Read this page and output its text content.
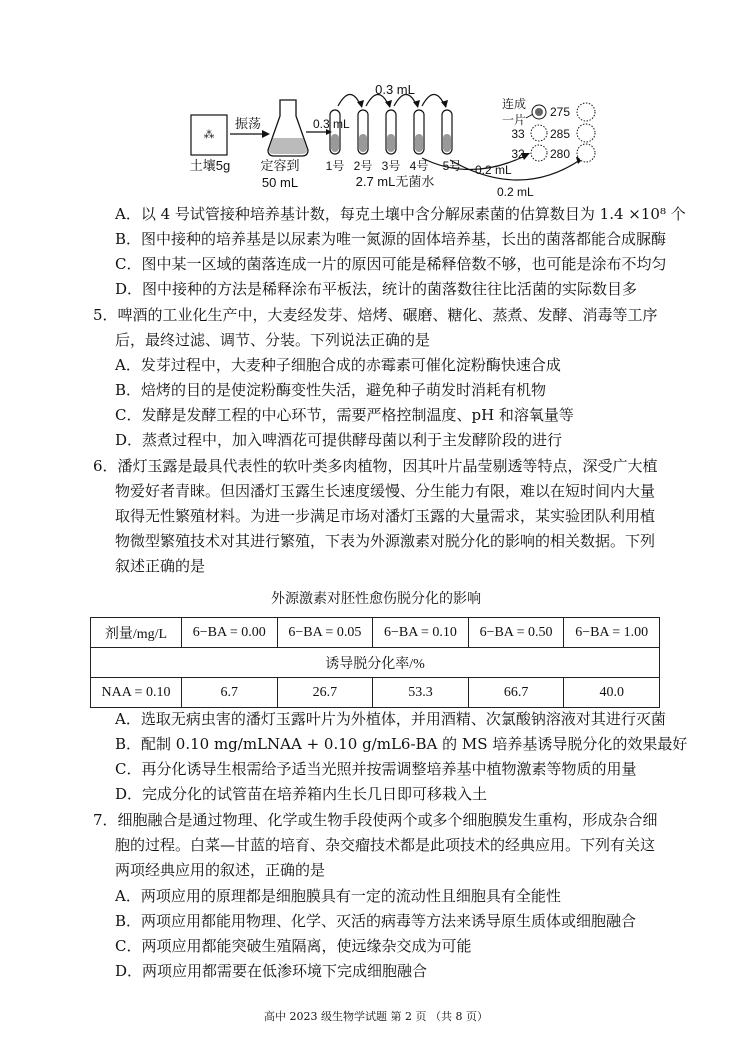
⁂
土壤5g
振荡
定容到
50 mL
0.3 mL
0.3 mL
1号 2号 3号 4号 5号
2.7 mL无菌水
0.2 mL
0.2 mL
连成
一片
33
32
275
285
280
A．以 4 号试管接种培养基计数，每克土壤中含分解尿素菌的估算数目为 1.4 ×10⁸ 个
B．图中接种的培养基是以尿素为唯一氮源的固体培养基，长出的菌落都能合成脲酶
C．图中某一区域的菌落连成一片的原因可能是稀释倍数不够，也可能是涂布不均匀
D．图中接种的方法是稀释涂布平板法，统计的菌落数往往比活菌的实际数目多
5．啤酒的工业化生产中，大麦经发芽、焙烤、碾磨、糖化、蒸煮、发酵、消毒等工序
后，最终过滤、调节、分装。下列说法正确的是
A．发芽过程中，大麦种子细胞合成的赤霉素可催化淀粉酶快速合成
B．焙烤的目的是使淀粉酶变性失活，避免种子萌发时消耗有机物
C．发酵是发酵工程的中心环节，需要严格控制温度、pH 和溶氧量等
D．蒸煮过程中，加入啤酒花可提供酵母菌以利于主发酵阶段的进行
6．潘灯玉露是最具代表性的软叶类多肉植物，因其叶片晶莹剔透等特点，深受广大植
物爱好者青睐。但因潘灯玉露生长速度缓慢、分生能力有限，难以在短时间内大量
取得无性繁殖材料。为进一步满足市场对潘灯玉露的大量需求，某实验团队利用植
物微型繁殖技术对其进行繁殖，下表为外源激素对脱分化的影响的相关数据。下列
叙述正确的是
外源激素对胚性愈伤脱分化的影响
剂量/mg/L	6−BA = 0.00	6−BA = 0.05	6−BA = 0.10	6−BA = 0.50	6−BA = 1.00
诱导脱分化率/%					
NAA = 0.10	6.7	26.7	53.3	66.7	40.0
A．选取无病虫害的潘灯玉露叶片为外植体，并用酒精、次氯酸钠溶液对其进行灭菌
B．配制 0.10 mg/mLNAA + 0.10 g/mL6-BA 的 MS 培养基诱导脱分化的效果最好
C．再分化诱导生根需给予适当光照并按需调整培养基中植物激素等物质的用量
D．完成分化的试管苗在培养箱内生长几日即可移栽入土
7．细胞融合是通过物理、化学或生物手段使两个或多个细胞膜发生重构，形成杂合细
胞的过程。白菜—甘蓝的培育、杂交瘤技术都是此项技术的经典应用。下列有关这
两项经典应用的叙述，正确的是
A．两项应用的原理都是细胞膜具有一定的流动性且细胞具有全能性
B．两项应用都能用物理、化学、灭活的病毒等方法来诱导原生质体或细胞融合
C．两项应用都能突破生殖隔离，使远缘杂交成为可能
D．两项应用都需要在低渗环境下完成细胞融合
高中 2023 级生物学试题 第 2 页 （共 8 页）
